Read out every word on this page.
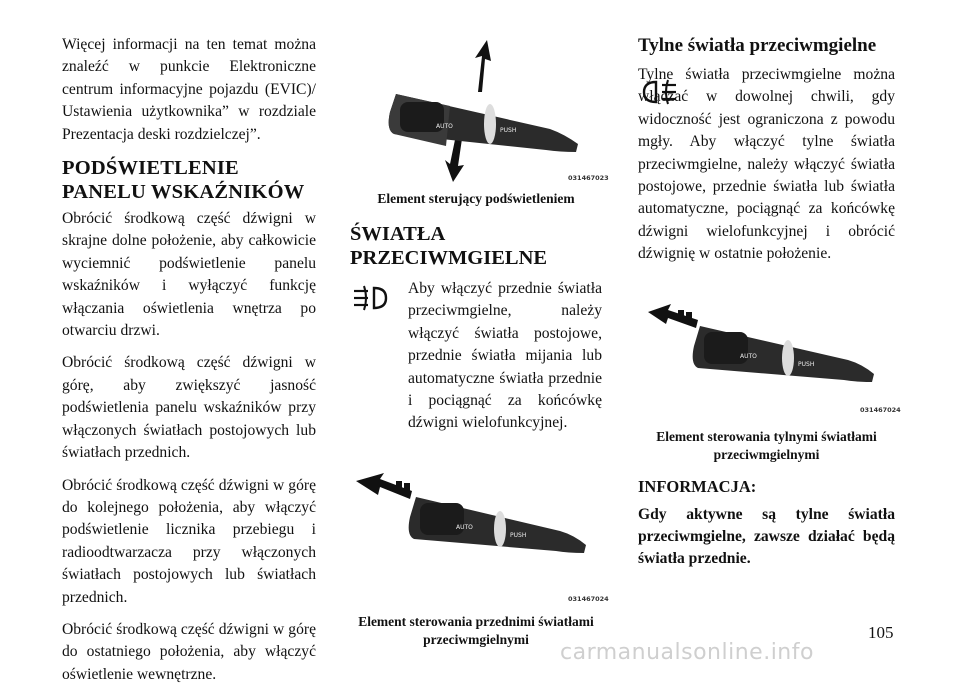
Więcej informacji na ten temat można znaleźć w punkcie Elektroniczne centrum informacyjne pojazdu (EVIC)/ Ustawienia użytkownika” w rozdziale Prezentacja deski rozdzielczej”.

PODŚWIETLENIE PANELU WSKAŹNIKÓW

Obrócić środkową część dźwigni w skrajne dolne położenie, aby całkowicie wyciemnić podświetlenie panelu wskaźników i wyłączyć funkcję włączania oświetlenia wnętrza po otwarciu drzwi.

Obrócić środkową część dźwigni w górę, aby zwiększyć jasność podświetlenia panelu wskaźników przy włączonych światłach postojowych lub światłach przednich.

Obrócić środkową część dźwigni w górę do kolejnego położenia, aby włączyć podświetlenie licznika przebiegu i radioodtwarzacza przy włączonych światłach postojowych lub światłach przednich.

Obrócić środkową część dźwigni w górę do ostatniego położenia, aby włączyć oświetlenie wewnętrzne.

AUTO
PUSH
031467023
Element sterujący podświetleniem
ŚWIATŁA PRZECIWMGIELNE

Aby włączyć przednie światła przeciwmgielne, należy włączyć światła postojowe, przednie światła mijania lub automatyczne światła przednie i pociągnąć za końcówkę dźwigni wielofunkcyjnej.

AUTO
PUSH
031467024
Element sterowania przednimi światłami przeciwmgielnymi
Tylne światła przeciwmgielne

Tylne światła przeciwmgielne można włączać w dowolnej chwili, gdy widoczność jest ograniczona z powodu mgły. Aby włączyć tylne światła przeciwmgielne, należy włączyć światła postojowe, przednie światła lub światła automatyczne, pociągnąć za końcówkę dźwigni wielofunkcyjnej i obrócić dźwignię w ostatnie położenie.

AUTO
PUSH
031467024
Element sterowania tylnymi światłami przeciwmgielnymi
INFORMACJA:

Gdy aktywne są tylne światła przeciwmgielne, zawsze działać będą światła przednie.

105
carmanualsonline.info
